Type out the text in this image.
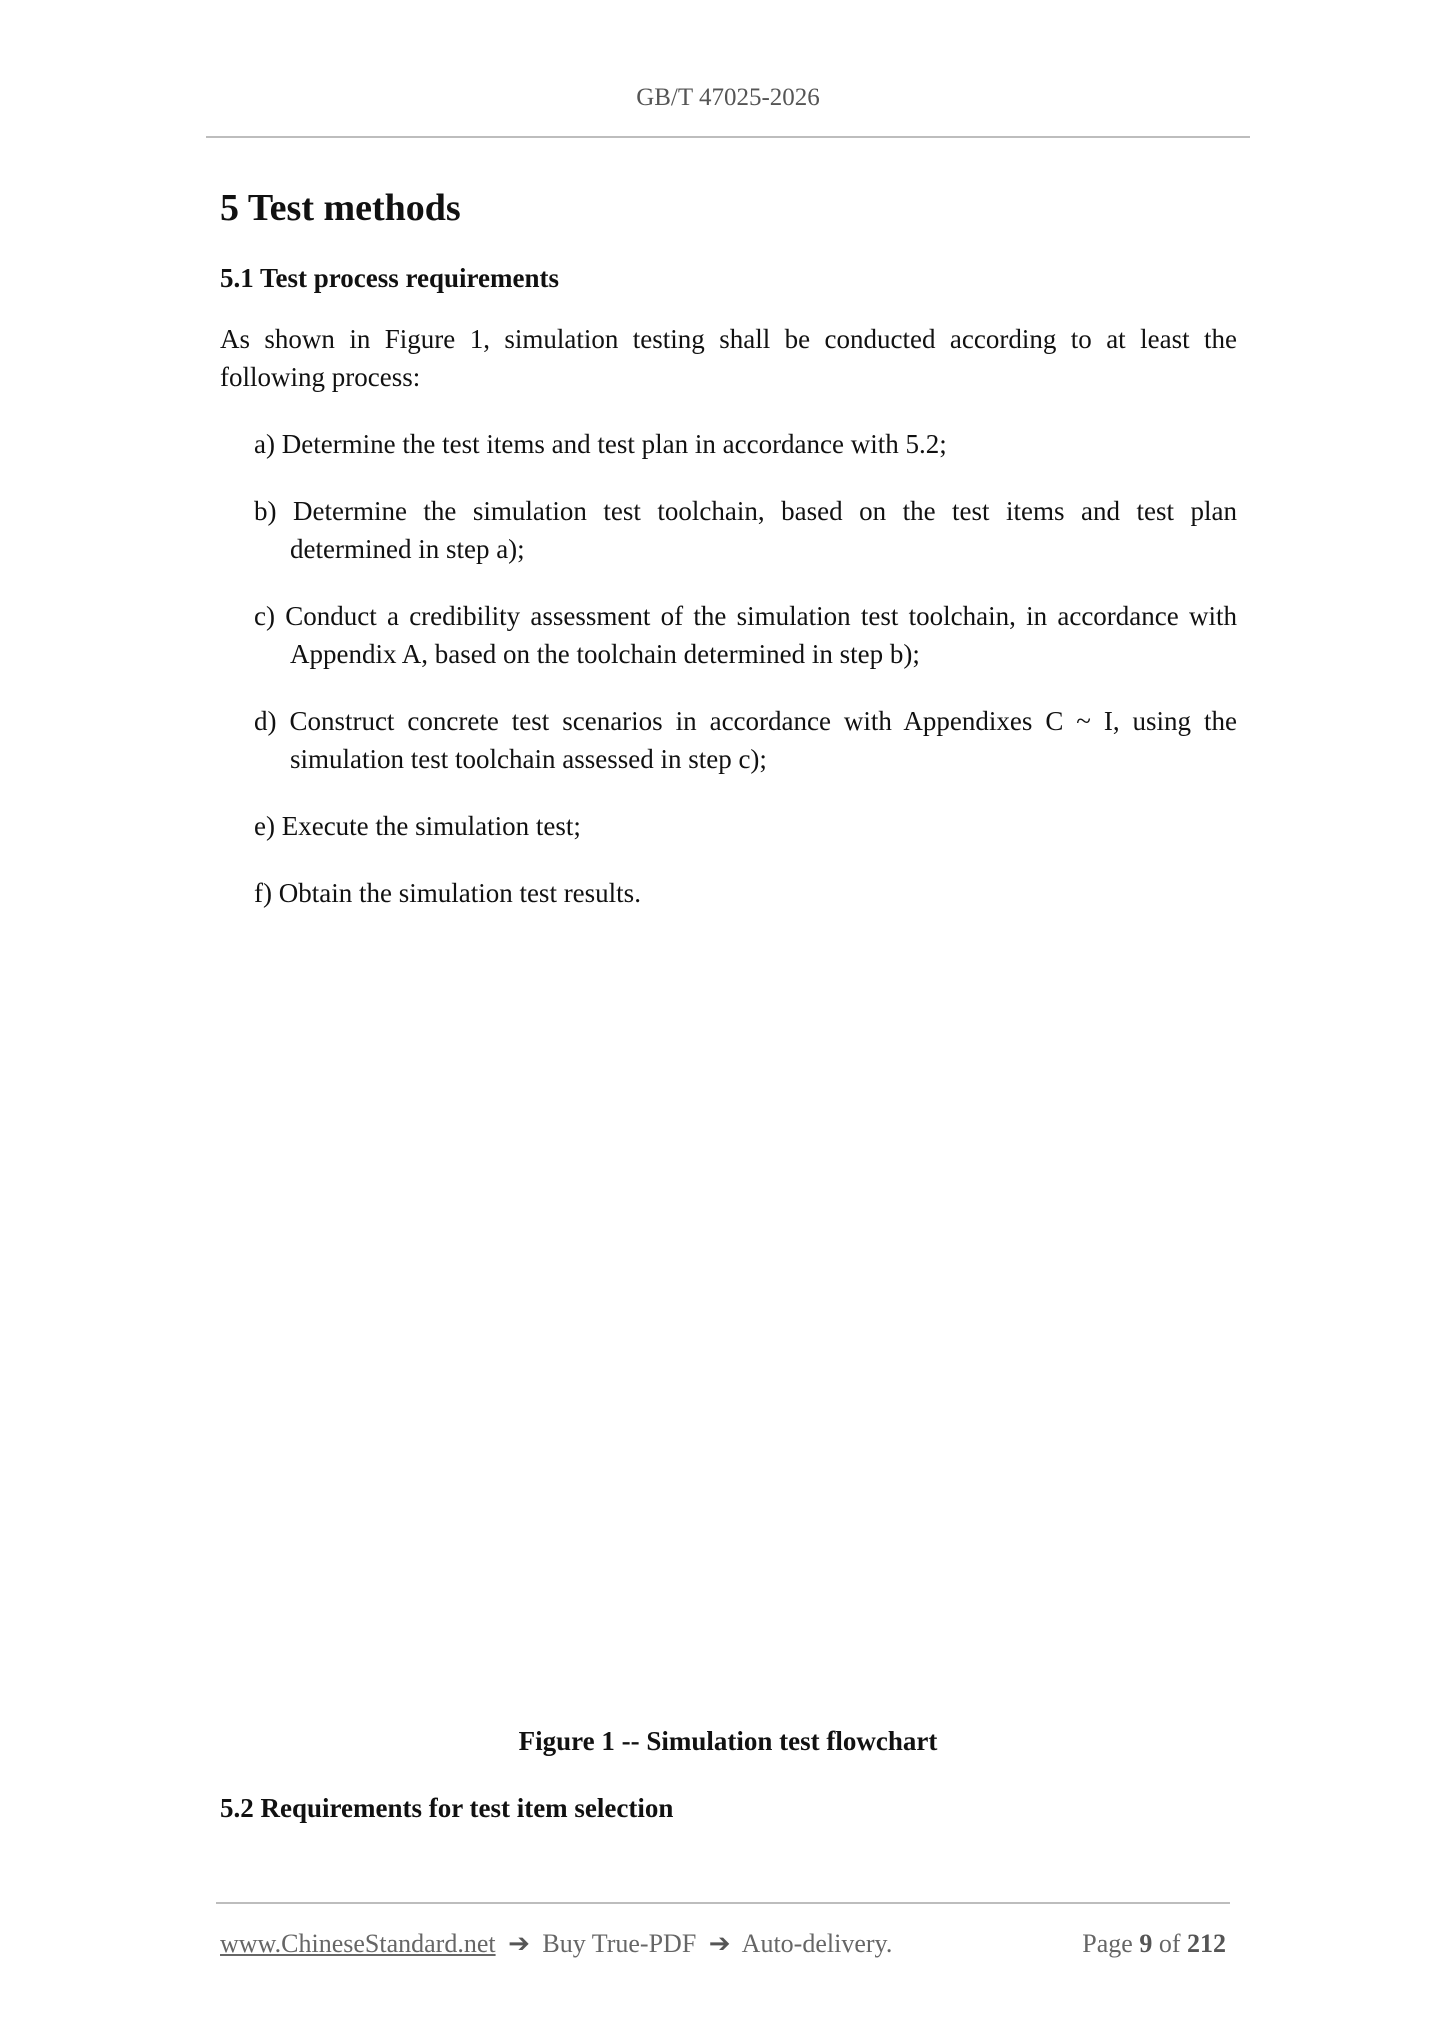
GB/T 47025-2026
5 Test methods
5.1 Test process requirements

As shown in Figure 1, simulation testing shall be conducted according to at least the following process:

a) Determine the test items and test plan in accordance with 5.2;
b) Determine the simulation test toolchain, based on the test items and test plan determined in step a);
c) Conduct a credibility assessment of the simulation test toolchain, in accordance with Appendix A, based on the toolchain determined in step b);
d) Construct concrete test scenarios in accordance with Appendixes C ~ I, using the simulation test toolchain assessed in step c);
e) Execute the simulation test;
f) Obtain the simulation test results.
Figure 1 -- Simulation test flowchart
5.2 Requirements for test item selection
www.ChineseStandard.net ➔ Buy True-PDF ➔ Auto-delivery.	Page 9 of 212
